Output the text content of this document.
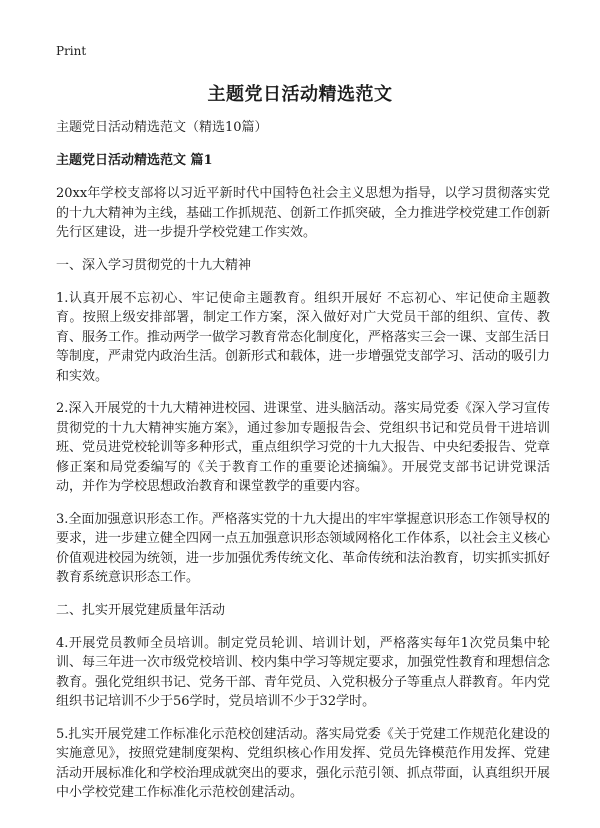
Print
主题党日活动精选范文

主题党日活动精选范文（精选10篇）

主题党日活动精选范文 篇1

20xx年学校支部将以习近平新时代中国特色社会主义思想为指导，以学习贯彻落实党的十九大精神为主线，基础工作抓规范、创新工作抓突破，全力推进学校党建工作创新先行区建设，进一步提升学校党建工作实效。

一、深入学习贯彻党的十九大精神

1.认真开展不忘初心、牢记使命主题教育。组织开展好 不忘初心、牢记使命主题教育。按照上级安排部署，制定工作方案，深入做好对广大党员干部的组织、宣传、教育、服务工作。推动两学一做学习教育常态化制度化，严格落实三会一课、支部生活日等制度，严肃党内政治生活。创新形式和载体，进一步增强党支部学习、活动的吸引力和实效。

2.深入开展党的十九大精神进校园、进课堂、进头脑活动。落实局党委《深入学习宣传贯彻党的十九大精神实施方案》，通过参加专题报告会、党组织书记和党员骨干进培训班、党员进党校轮训等多种形式，重点组织学习党的十九大报告、中央纪委报告、党章修正案和局党委编写的《关于教育工作的重要论述摘编》。开展党支部书记讲党课活动，并作为学校思想政治教育和课堂教学的重要内容。

3.全面加强意识形态工作。严格落实党的十九大提出的牢牢掌握意识形态工作领导权的要求，进一步建立健全四网一点五加强意识形态领域网格化工作体系，以社会主义核心价值观进校园为统领，进一步加强优秀传统文化、革命传统和法治教育，切实抓实抓好教育系统意识形态工作。

二、扎实开展党建质量年活动

4.开展党员教师全员培训。制定党员轮训、培训计划，严格落实每年1次党员集中轮训、每三年进一次市级党校培训、校内集中学习等规定要求，加强党性教育和理想信念教育。强化党组织书记、党务干部、青年党员、入党积极分子等重点人群教育。年内党组织书记培训不少于56学时，党员培训不少于32学时。

5.扎实开展党建工作标准化示范校创建活动。落实局党委《关于党建工作规范化建设的实施意见》，按照党建制度架构、党组织核心作用发挥、党员先锋模范作用发挥、党建活动开展标准化和学校治理成就突出的要求，强化示范引领、抓点带面，认真组织开展中小学校党建工作标准化示范校创建活动。
